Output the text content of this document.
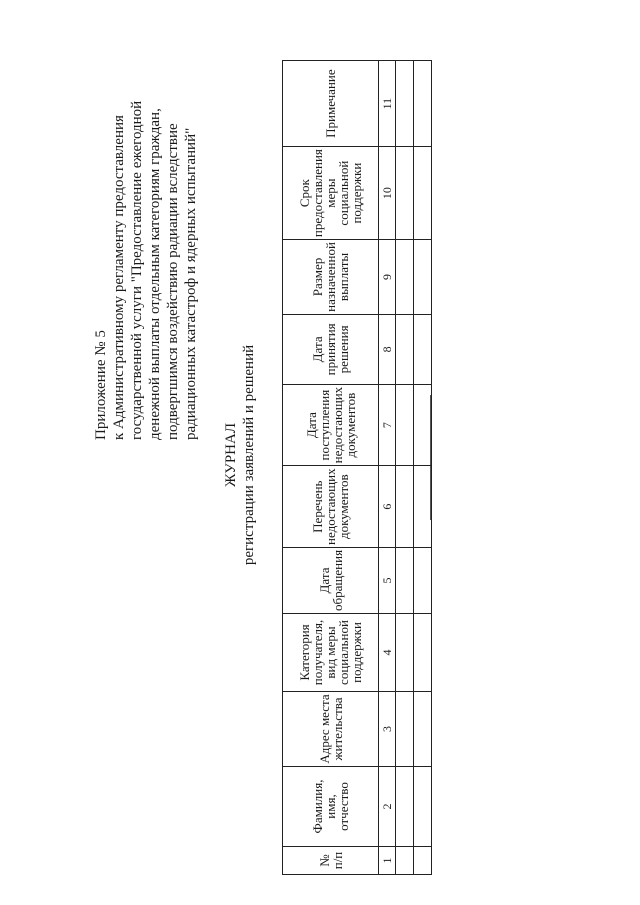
Приложение № 5 к Административному регламенту предоставления государственной услуги "Предоставление ежегодной денежной выплаты отдельным категориям граждан, подвергшимся воздействию радиации вследствие радиационных катастроф и ядерных испытаний"
ЖУРНАЛ регистрации заявлений и решений
№ п/п	Фамилия, имя, отчество	Адрес места жительства	Категория получателя, вид меры социальной поддержки	Дата обращения	Перечень недостающих документов	Дата поступления недостающих документов	Дата принятия решения	Размер назначенной выплаты	Срок предоставления меры социальной поддержки	Примечание
1	2	3	4	5	6	7	8	9	10	11
